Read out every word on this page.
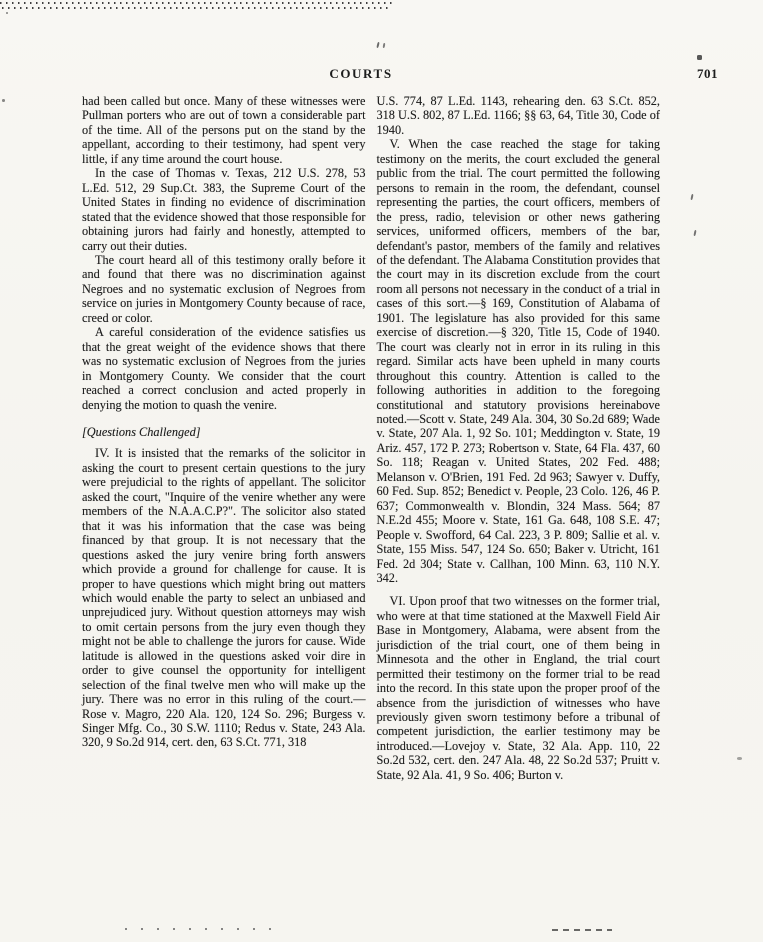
COURTS	701

had been called but once. Many of these witnesses were Pullman porters who are out of town a considerable part of the time. All of the persons put on the stand by the appellant, according to their testimony, had spent very little, if any time around the court house.

In the case of Thomas v. Texas, 212 U.S. 278, 53 L.Ed. 512, 29 Sup.Ct. 383, the Supreme Court of the United States in finding no evidence of discrimination stated that the evidence showed that those responsible for obtaining jurors had fairly and honestly, attempted to carry out their duties.

The court heard all of this testimony orally before it and found that there was no discrimination against Negroes and no systematic exclusion of Negroes from service on juries in Montgomery County because of race, creed or color.

A careful consideration of the evidence satisfies us that the great weight of the evidence shows that there was no systematic exclusion of Negroes from the juries in Montgomery County. We consider that the court reached a correct conclusion and acted properly in denying the motion to quash the venire.

[Questions Challenged]

IV. It is insisted that the remarks of the solicitor in asking the court to present certain questions to the jury were prejudicial to the rights of appellant. The solicitor asked the court, "Inquire of the venire whether any were members of the N.A.A.C.P?". The solicitor also stated that it was his information that the case was being financed by that group. It is not necessary that the questions asked the jury venire bring forth answers which provide a ground for challenge for cause. It is proper to have questions which might bring out matters which would enable the party to select an unbiased and unprejudiced jury. Without question attorneys may wish to omit certain persons from the jury even though they might not be able to challenge the jurors for cause. Wide latitude is allowed in the questions asked voir dire in order to give counsel the opportunity for intelligent selection of the final twelve men who will make up the jury. There was no error in this ruling of the court.—Rose v. Magro, 220 Ala. 120, 124 So. 296; Burgess v. Singer Mfg. Co., 30 S.W. 1110; Redus v. State, 243 Ala. 320, 9 So.2d 914, cert. den, 63 S.Ct. 771, 318

U.S. 774, 87 L.Ed. 1143, rehearing den. 63 S.Ct. 852, 318 U.S. 802, 87 L.Ed. 1166; §§ 63, 64, Title 30, Code of 1940.

V. When the case reached the stage for taking testimony on the merits, the court excluded the general public from the trial. The court permitted the following persons to remain in the room, the defendant, counsel representing the parties, the court officers, members of the press, radio, television or other news gathering services, uniformed officers, members of the bar, defendant's pastor, members of the family and relatives of the defendant. The Alabama Constitution provides that the court may in its discretion exclude from the court room all persons not necessary in the conduct of a trial in cases of this sort.—§ 169, Constitution of Alabama of 1901. The legislature has also provided for this same exercise of discretion.—§ 320, Title 15, Code of 1940. The court was clearly not in error in its ruling in this regard. Similar acts have been upheld in many courts throughout this country. Attention is called to the following authorities in addition to the foregoing constitutional and statutory provisions hereinabove noted.—Scott v. State, 249 Ala. 304, 30 So.2d 689; Wade v. State, 207 Ala. 1, 92 So. 101; Meddington v. State, 19 Ariz. 457, 172 P. 273; Robertson v. State, 64 Fla. 437, 60 So. 118; Reagan v. United States, 202 Fed. 488; Melanson v. O'Brien, 191 Fed. 2d 963; Sawyer v. Duffy, 60 Fed. Sup. 852; Benedict v. People, 23 Colo. 126, 46 P. 637; Commonwealth v. Blondin, 324 Mass. 564; 87 N.E.2d 455; Moore v. State, 161 Ga. 648, 108 S.E. 47; People v. Swofford, 64 Cal. 223, 3 P. 809; Sallie et al. v. State, 155 Miss. 547, 124 So. 650; Baker v. Utricht, 161 Fed. 2d 304; State v. Callhan, 100 Minn. 63, 110 N.Y. 342.

VI. Upon proof that two witnesses on the former trial, who were at that time stationed at the Maxwell Field Air Base in Montgomery, Alabama, were absent from the jurisdiction of the trial court, one of them being in Minnesota and the other in England, the trial court permitted their testimony on the former trial to be read into the record. In this state upon the proper proof of the absence from the jurisdiction of witnesses who have previously given sworn testimony before a tribunal of competent jurisdiction, the earlier testimony may be introduced.—Lovejoy v. State, 32 Ala. App. 110, 22 So.2d 532, cert. den. 247 Ala. 48, 22 So.2d 537; Pruitt v. State, 92 Ala. 41, 9 So. 406; Burton v.
